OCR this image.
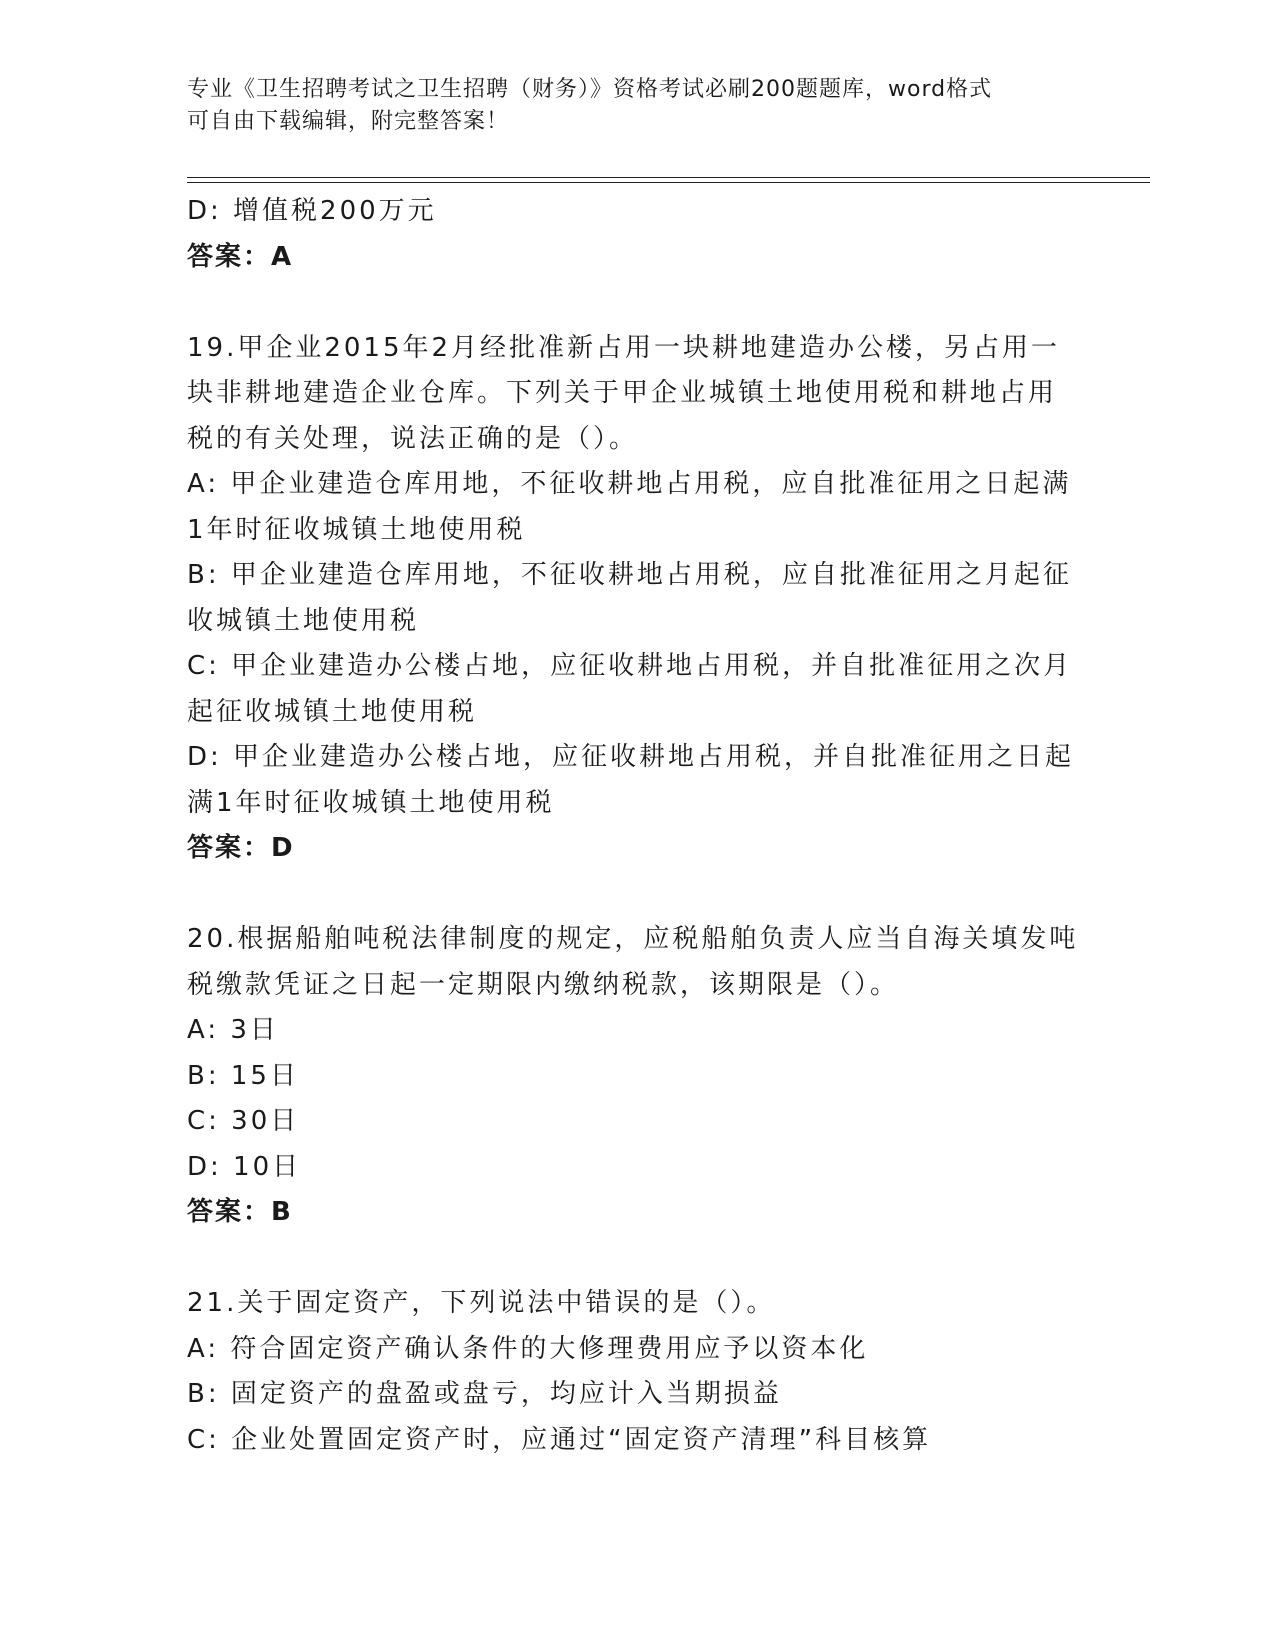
专业《卫生招聘考试之卫生招聘（财务）》资格考试必刷200题题库，word格式
可自由下载编辑，附完整答案！
D: 增值税200万元
答案：A
19.甲企业2015年2月经批准新占用一块耕地建造办公楼，另占用一
块非耕地建造企业仓库。下列关于甲企业城镇土地使用税和耕地占用
税的有关处理，说法正确的是（）。
A: 甲企业建造仓库用地，不征收耕地占用税，应自批准征用之日起满
1年时征收城镇土地使用税
B: 甲企业建造仓库用地，不征收耕地占用税，应自批准征用之月起征
收城镇土地使用税
C: 甲企业建造办公楼占地，应征收耕地占用税，并自批准征用之次月
起征收城镇土地使用税
D: 甲企业建造办公楼占地，应征收耕地占用税，并自批准征用之日起
满1年时征收城镇土地使用税
答案：D
20.根据船舶吨税法律制度的规定，应税船舶负责人应当自海关填发吨
税缴款凭证之日起一定期限内缴纳税款，该期限是（）。
A: 3日
B: 15日
C: 30日
D: 10日
答案：B
21.关于固定资产，下列说法中错误的是（）。
A: 符合固定资产确认条件的大修理费用应予以资本化
B: 固定资产的盘盈或盘亏，均应计入当期损益
C: 企业处置固定资产时，应通过“固定资产清理”科目核算
